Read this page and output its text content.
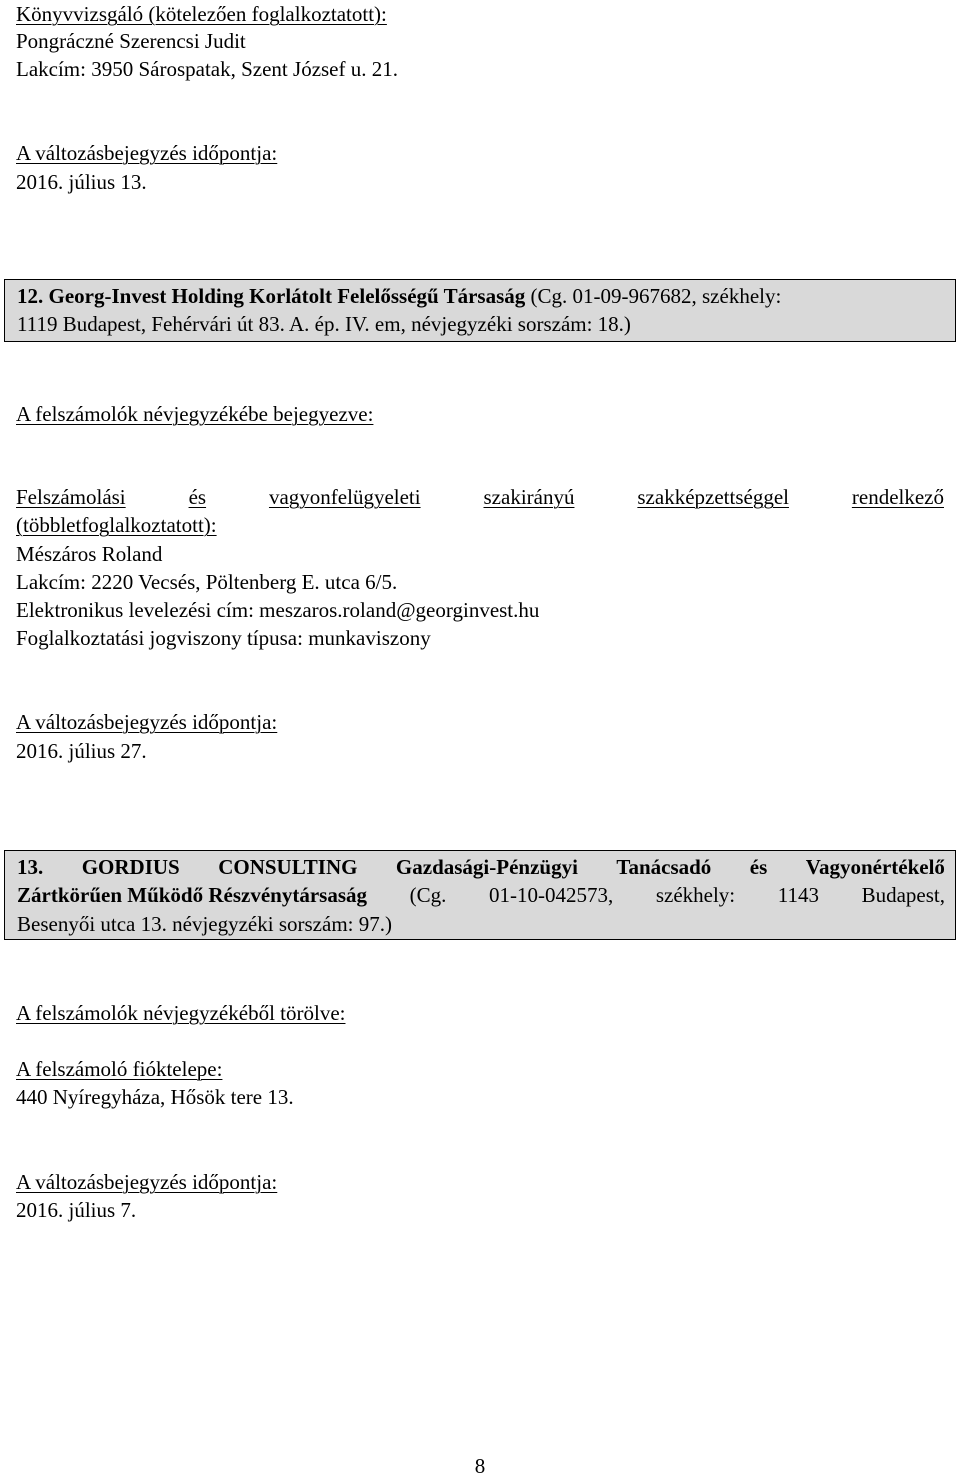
Könyvvizsgáló (kötelezően foglalkoztatott):
Pongráczné Szerencsi Judit
Lakcím: 3950 Sárospatak, Szent József u. 21.
A változásbejegyzés időpontja:
2016. július 13.
12. Georg-Invest Holding Korlátolt Felelősségű Társaság (Cg. 01-09-967682, székhely:
1119 Budapest, Fehérvári út 83. A. ép. IV. em, névjegyzéki sorszám: 18.)
A felszámolók névjegyzékébe bejegyezve:
Felszámolási	és	vagyonfelügyeleti	szakirányú	szakképzettséggel	rendelkező
(többletfoglalkoztatott):
Mészáros Roland
Lakcím: 2220 Vecsés, Pöltenberg E. utca 6/5.
Elektronikus levelezési cím: meszaros.roland@georginvest.hu
Foglalkoztatási jogviszony típusa: munkaviszony
A változásbejegyzés időpontja:
2016. július 27.
13. GORDIUS CONSULTING Gazdasági-Pénzügyi Tanácsadó és Vagyonértékelő
Zártkörűen Működő Részvénytársaság (Cg. 01-10-042573, székhely: 1143 Budapest,
Besenyői utca 13. névjegyzéki sorszám: 97.)
A felszámolók névjegyzékéből törölve:
A felszámoló fióktelepe:
440 Nyíregyháza, Hősök tere 13.
A változásbejegyzés időpontja:
2016. július 7.
8
